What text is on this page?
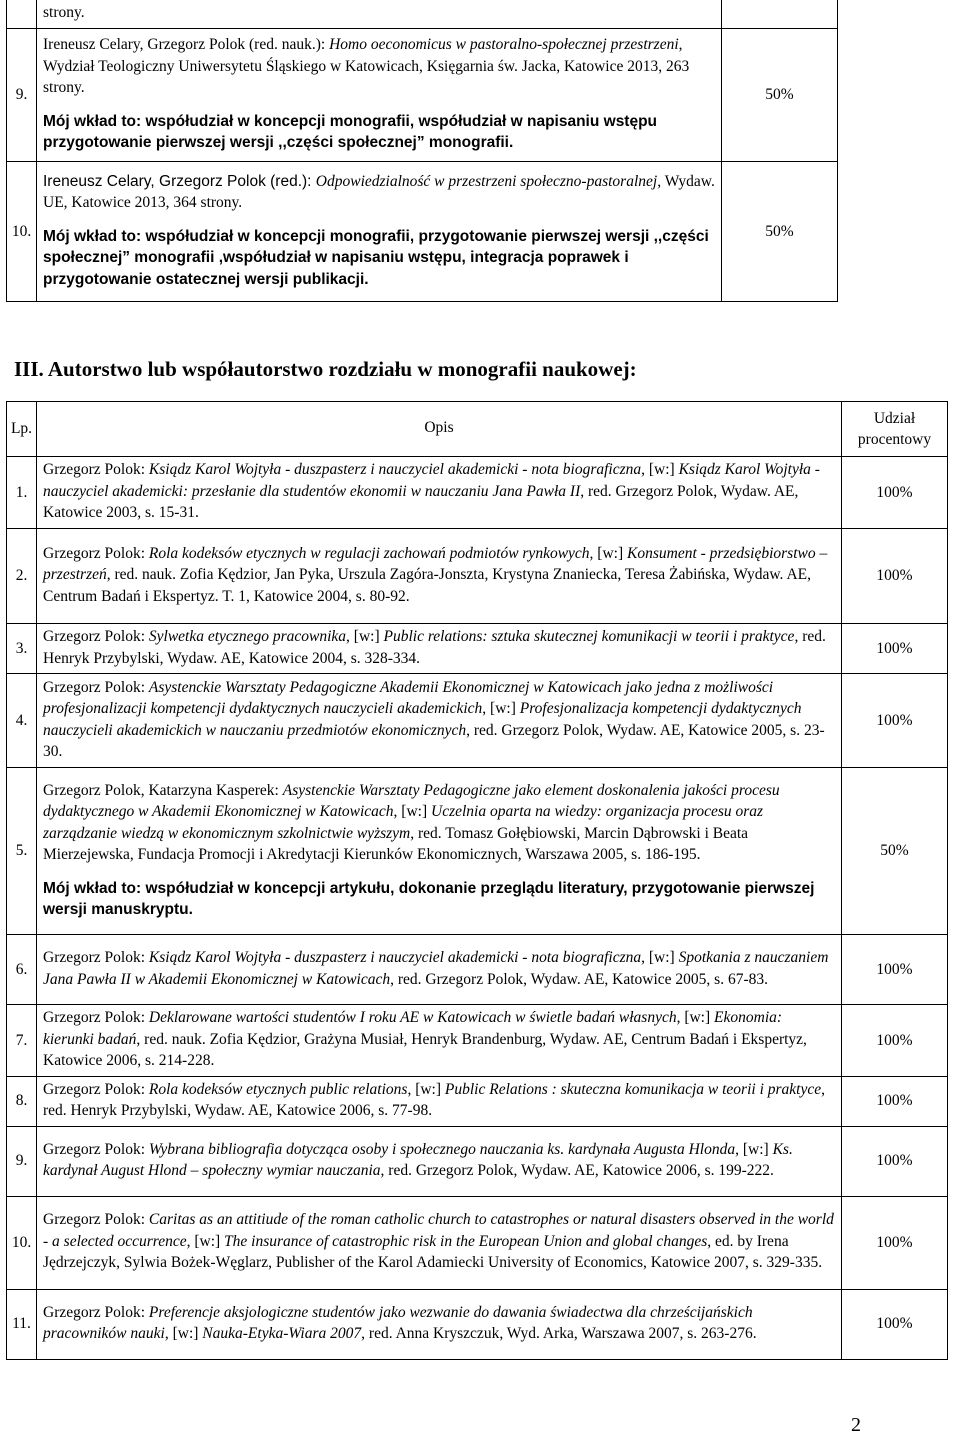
	strony.	

9.	Ireneusz Celary, Grzegorz Polok (red. nauk.): Homo oeconomicus w pastoralno-społecznej przestrzeni, Wydział Teologiczny Uniwersytetu Śląskiego w Katowicach, Księgarnia św. Jacka, Katowice 2013, 263 strony.
Mój wkład to: współudział w koncepcji monografii, współudział w napisaniu wstępu przygotowanie pierwszej wersji ,,części społecznej” monografii.	50%
10.	Ireneusz Celary, Grzegorz Polok (red.): Odpowiedzialność w przestrzeni społeczno-pastoralnej, Wydaw. UE, Katowice 2013, 364 strony.
Mój wkład to: współudział w koncepcji monografii, przygotowanie pierwszej wersji ,,części społecznej” monografii ,współudział w napisaniu wstępu, integracja poprawek i przygotowanie ostatecznej wersji publikacji.	50%
III. Autorstwo lub współautorstwo rozdziału w monografii naukowej:
Lp.	Opis	Udział procentowy
1.	Grzegorz Polok: Ksiądz Karol Wojtyła - duszpasterz i nauczyciel akademicki - nota biograficzna, [w:] Ksiądz Karol Wojtyła - nauczyciel akademicki: przesłanie dla studentów ekonomii w nauczaniu Jana Pawła II, red. Grzegorz Polok, Wydaw. AE, Katowice 2003, s. 15-31.	100%
2.	Grzegorz Polok: Rola kodeksów etycznych w regulacji zachowań podmiotów rynkowych, [w:] Konsument - przedsiębiorstwo – przestrzeń, red. nauk. Zofia Kędzior, Jan Pyka, Urszula Zagóra-Jonszta, Krystyna Znaniecka, Teresa Żabińska, Wydaw. AE, Centrum Badań i Ekspertyz. T. 1, Katowice 2004, s. 80-92.	100%
3.	Grzegorz Polok: Sylwetka etycznego pracownika, [w:] Public relations: sztuka skutecznej komunikacji w teorii i praktyce, red. Henryk Przybylski, Wydaw. AE, Katowice 2004, s. 328-334.	100%
4.	Grzegorz Polok: Asystenckie Warsztaty Pedagogiczne Akademii Ekonomicznej w Katowicach jako jedna z możliwości profesjonalizacji kompetencji dydaktycznych nauczycieli akademickich, [w:] Profesjonalizacja kompetencji dydaktycznych nauczycieli akademickich w nauczaniu przedmiotów ekonomicznych, red. Grzegorz Polok, Wydaw. AE, Katowice 2005, s. 23-30.	100%
5.	Grzegorz Polok, Katarzyna Kasperek: Asystenckie Warsztaty Pedagogiczne jako element doskonalenia jakości procesu dydaktycznego w Akademii Ekonomicznej w Katowicach, [w:] Uczelnia oparta na wiedzy: organizacja procesu oraz zarządzanie wiedzą w ekonomicznym szkolnictwie wyższym, red. Tomasz Gołębiowski, Marcin Dąbrowski i Beata Mierzejewska, Fundacja Promocji i Akredytacji Kierunków Ekonomicznych, Warszawa 2005, s. 186-195.
Mój wkład to: współudział w koncepcji artykułu, dokonanie przeglądu literatury, przygotowanie pierwszej wersji manuskryptu.	50%
6.	Grzegorz Polok: Ksiądz Karol Wojtyła - duszpasterz i nauczyciel akademicki - nota biograficzna, [w:] Spotkania z nauczaniem Jana Pawła II w Akademii Ekonomicznej w Katowicach, red. Grzegorz Polok, Wydaw. AE, Katowice 2005, s. 67-83.	100%
7.	Grzegorz Polok: Deklarowane wartości studentów I roku AE w Katowicach w świetle badań własnych, [w:] Ekonomia: kierunki badań, red. nauk. Zofia Kędzior, Grażyna Musiał, Henryk Brandenburg, Wydaw. AE, Centrum Badań i Ekspertyz, Katowice 2006, s. 214-228.	100%
8.	Grzegorz Polok: Rola kodeksów etycznych public relations, [w:] Public Relations : skuteczna komunikacja w teorii i praktyce, red. Henryk Przybylski, Wydaw. AE, Katowice 2006, s. 77-98.	100%
9.	Grzegorz Polok: Wybrana bibliografia dotycząca osoby i społecznego nauczania ks. kardynała Augusta Hlonda, [w:] Ks. kardynał August Hlond – społeczny wymiar nauczania, red. Grzegorz Polok, Wydaw. AE, Katowice 2006, s. 199-222.	100%
10.	Grzegorz Polok: Caritas as an attitiude of the roman catholic church to catastrophes or natural disasters observed in the world - a selected occurrence, [w:] The insurance of catastrophic risk in the European Union and global changes, ed. by Irena Jędrzejczyk, Sylwia Bożek-Węglarz, Publisher of the Karol Adamiecki University of Economics, Katowice 2007, s. 329-335.	100%
11.	Grzegorz Polok: Preferencje aksjologiczne studentów jako wezwanie do dawania świadectwa dla chrześcijańskich pracowników nauki, [w:] Nauka-Etyka-Wiara 2007, red. Anna Kryszczuk, Wyd. Arka, Warszawa 2007, s. 263-276.	100%
2
